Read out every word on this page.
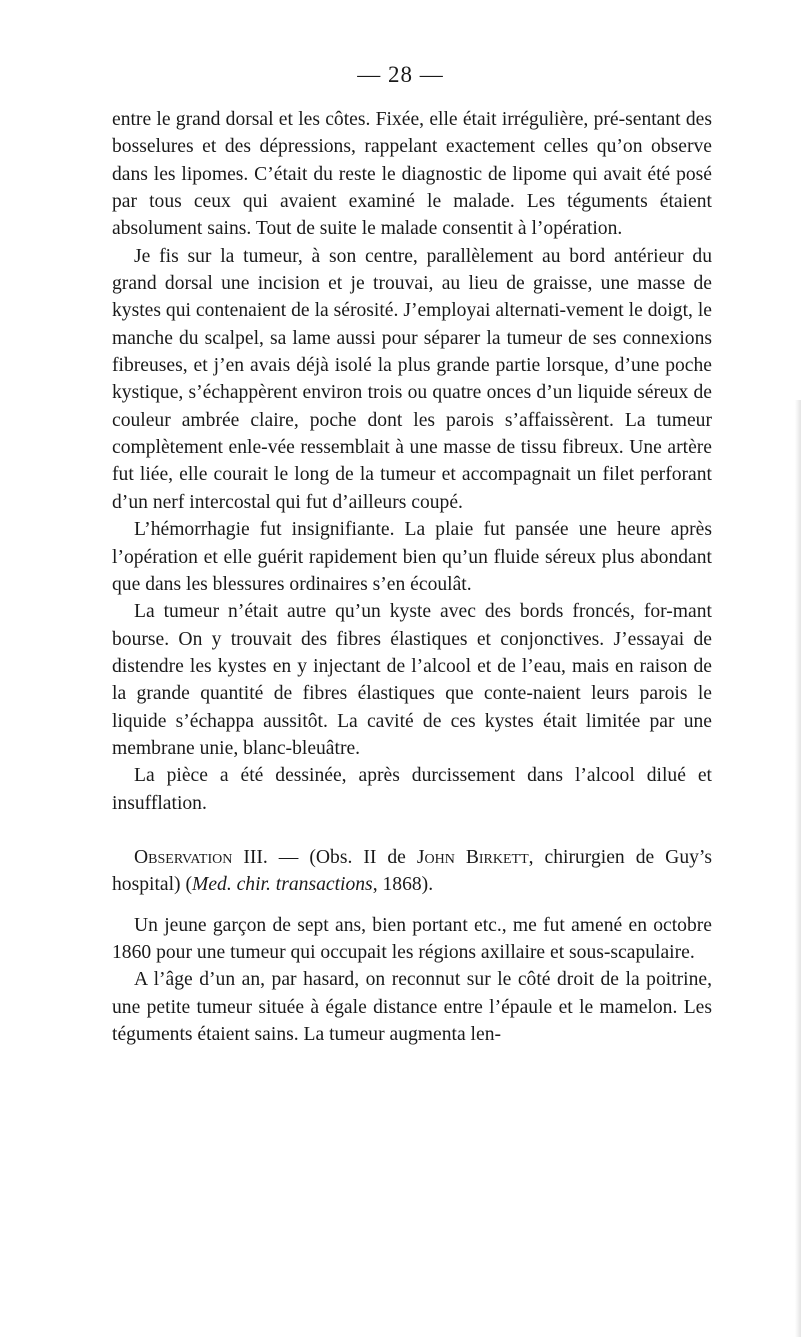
— 28 —

entre le grand dorsal et les côtes. Fixée, elle était irrégulière, pré-sentant des bosselures et des dépressions, rappelant exactement celles qu’on observe dans les lipomes. C’était du reste le diagnostic de lipome qui avait été posé par tous ceux qui avaient examiné le malade. Les téguments étaient absolument sains. Tout de suite le malade consentit à l’opération.

Je fis sur la tumeur, à son centre, parallèlement au bord antérieur du grand dorsal une incision et je trouvai, au lieu de graisse, une masse de kystes qui contenaient de la sérosité. J’employai alternati-vement le doigt, le manche du scalpel, sa lame aussi pour séparer la tumeur de ses connexions fibreuses, et j’en avais déjà isolé la plus grande partie lorsque, d’une poche kystique, s’échappèrent environ trois ou quatre onces d’un liquide séreux de couleur ambrée claire, poche dont les parois s’affaissèrent. La tumeur complètement enle-vée ressemblait à une masse de tissu fibreux. Une artère fut liée, elle courait le long de la tumeur et accompagnait un filet perforant d’un nerf intercostal qui fut d’ailleurs coupé.

L’hémorrhagie fut insignifiante. La plaie fut pansée une heure après l’opération et elle guérit rapidement bien qu’un fluide séreux plus abondant que dans les blessures ordinaires s’en écoulât.

La tumeur n’était autre qu’un kyste avec des bords froncés, for-mant bourse. On y trouvait des fibres élastiques et conjonctives. J’essayai de distendre les kystes en y injectant de l’alcool et de l’eau, mais en raison de la grande quantité de fibres élastiques que conte-naient leurs parois le liquide s’échappa aussitôt. La cavité de ces kystes était limitée par une membrane unie, blanc-bleuâtre.

La pièce a été dessinée, après durcissement dans l’alcool dilué et insufflation.

Observation III. — (Obs. II de John Birkett, chirurgien de Guy’s hospital) (Med. chir. transactions, 1868).

Un jeune garçon de sept ans, bien portant etc., me fut amené en octobre 1860 pour une tumeur qui occupait les régions axillaire et sous-scapulaire.

A l’âge d’un an, par hasard, on reconnut sur le côté droit de la poitrine, une petite tumeur située à égale distance entre l’épaule et le mamelon. Les téguments étaient sains. La tumeur augmenta len-
